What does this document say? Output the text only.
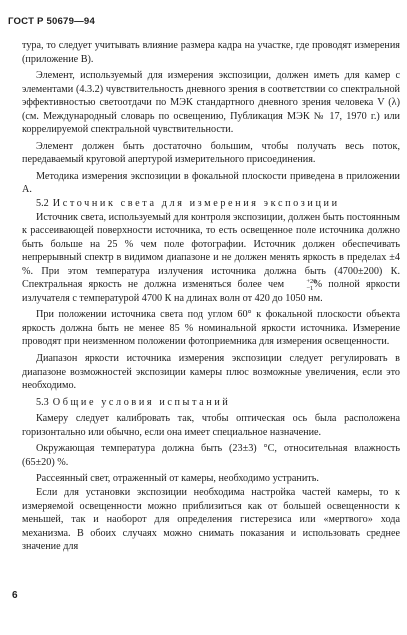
ГОСТ Р 50679—94

тура, то следует учитывать влияние размера кадра на участке, где проводят измерения (приложение В).

Элемент, используемый для измерения экспозиции, должен иметь для камер с элементами (4.3.2) чувствительность дневного зрения в соответствии со спектральной эффективностью светоотдачи по МЭК стандартного дневного зрения человека V (λ) (см. Международный словарь по освещению, Публикация МЭК № 17, 1970 г.) или коррелируемой спектральной чувствительности.

Элемент должен быть достаточно большим, чтобы получать весь поток, передаваемый круговой апертурой измерительного присоединения.

Методика измерения экспозиции в фокальной плоскости приведена в приложении А.

5.2 Источник света для измерения экспозиции

Источник света, используемый для контроля экспозиции, должен быть постоянным к рассеивающей поверхности источника, то есть освещенное поле источника должно быть больше на 25 % чем поле фотографии. Источник должен обеспечивать непрерывный спектр в видимом диапазоне и не должен менять яркость в пределах ±4 %. При этом температура излучения источника должна быть (4700±200) К. Спектральная яркость не должна изменяться более чем	+20
−1 % полной яркости излучателя с температурой 4700 К на длинах волн от 420 до 1050 нм.

При положении источника света под углом 60° к фокальной плоскости объекта яркость должна быть не менее 85 % номинальной яркости источника. Измерение проводят при неизменном положении фотоприемника для измерения освещенности.

Диапазон яркости источника измерения экспозиции следует регулировать в диапазоне возможностей экспозиции камеры плюс возможные увеличения, если это необходимо.

5.3 Общие условия испытаний

Камеру следует калибровать так, чтобы оптическая ось была расположена горизонтально или обычно, если она имеет специальное назначение.

Окружающая температура должна быть (23±3) °С, относительная влажность (65±20) %.

Рассеянный свет, отраженный от камеры, необходимо устранить.

Если для установки экспозиции необходима настройка частей камеры, то к измеряемой освещенности можно приблизиться как от большей освещенности к меньшей, так и наоборот для определения гистерезиса или «мертвого» хода механизма. В обоих случаях можно снимать показания и использовать среднее значение для

6
